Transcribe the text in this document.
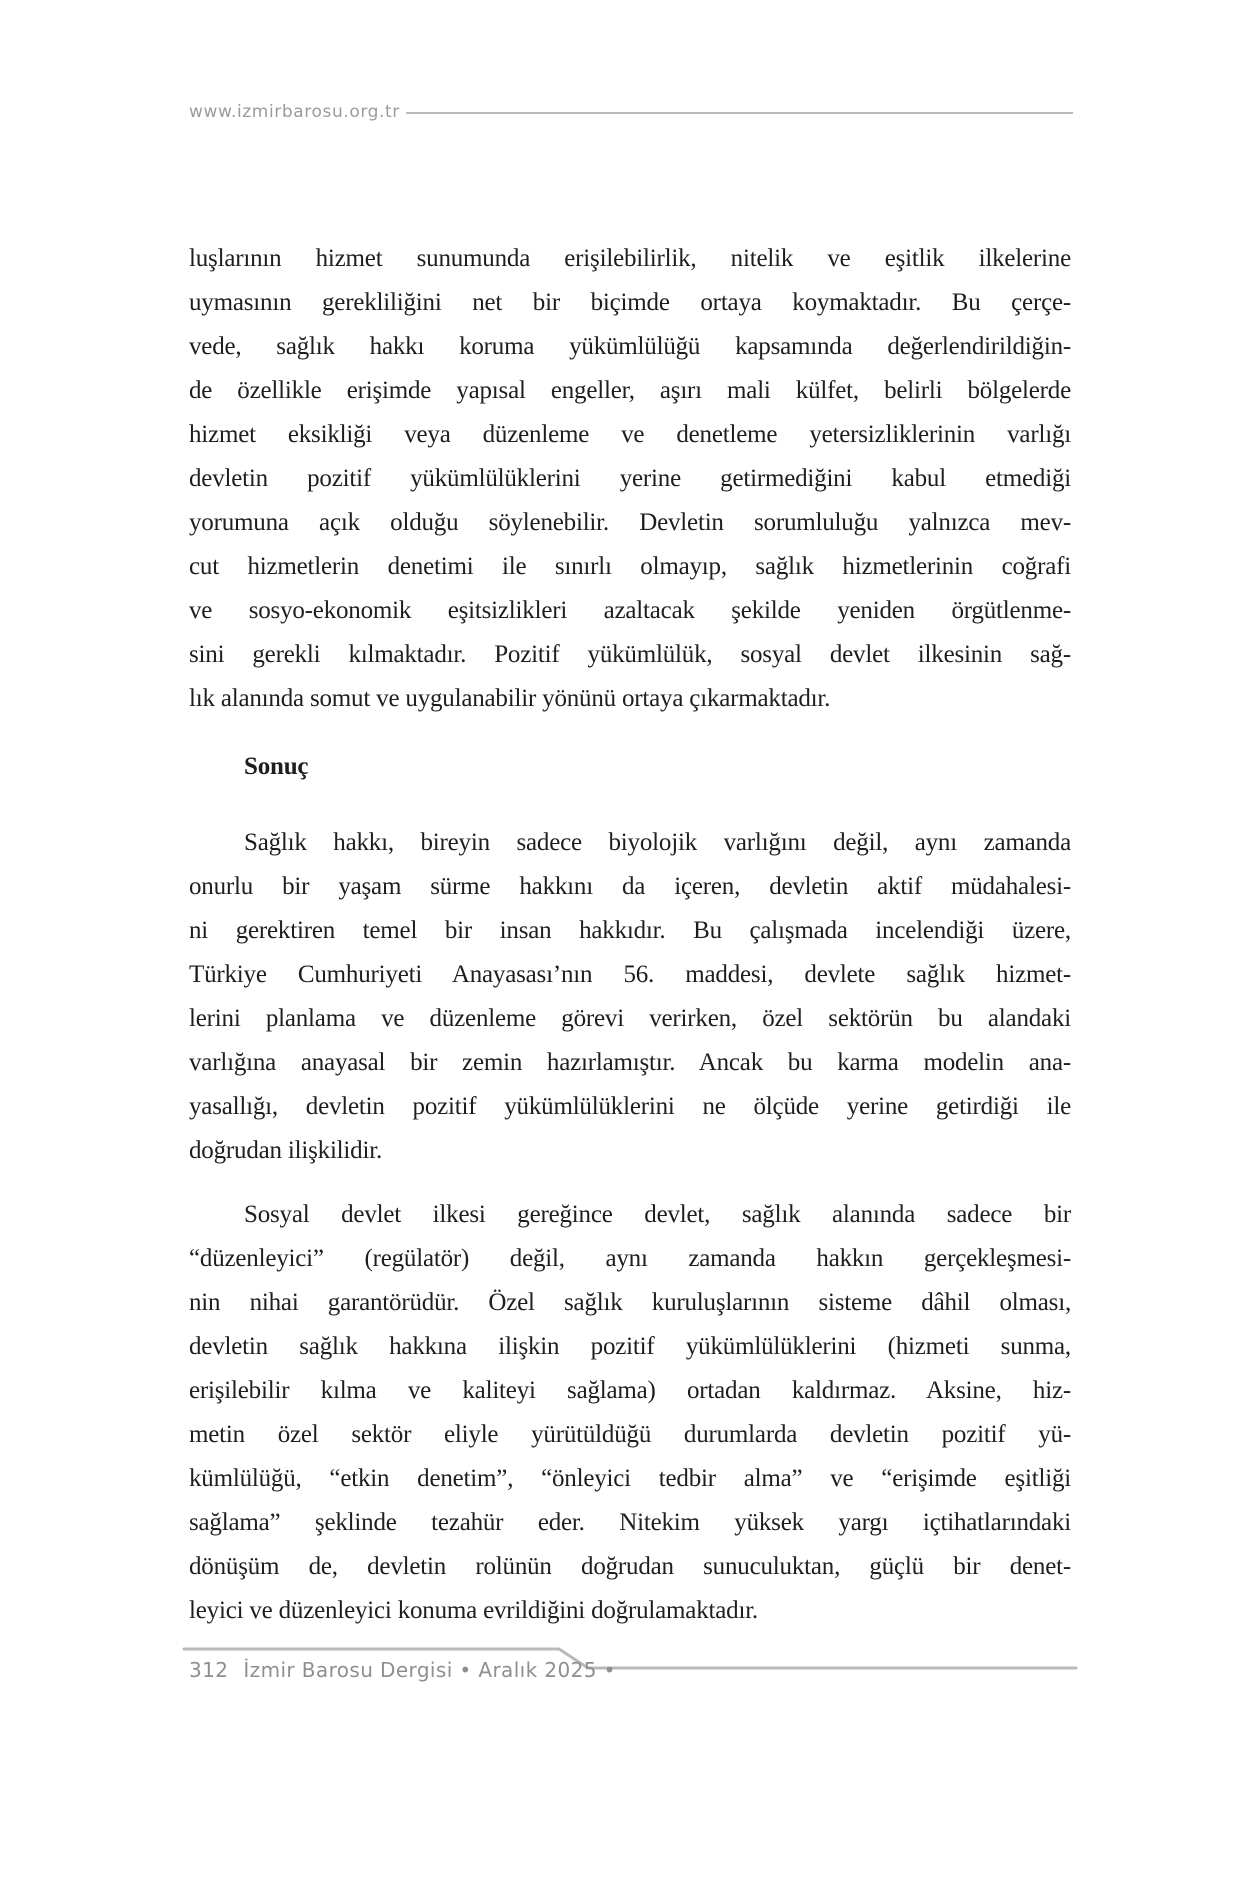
www.izmirbarosu.org.tr
luşlarının hizmet sunumunda erişilebilirlik, nitelik ve eşitlik ilkelerine
uymasının gerekliliğini net bir biçimde ortaya koymaktadır. Bu çerçe-
vede, sağlık hakkı koruma yükümlülüğü kapsamında değerlendirildiğin-
de özellikle erişimde yapısal engeller, aşırı mali külfet, belirli bölgelerde
hizmet eksikliği veya düzenleme ve denetleme yetersizliklerinin varlığı
devletin pozitif yükümlülüklerini yerine getirmediğini kabul etmediği
yorumuna açık olduğu söylenebilir. Devletin sorumluluğu yalnızca mev-
cut hizmetlerin denetimi ile sınırlı olmayıp, sağlık hizmetlerinin coğrafi
ve sosyo-ekonomik eşitsizlikleri azaltacak şekilde yeniden örgütlenme-
sini gerekli kılmaktadır. Pozitif yükümlülük, sosyal devlet ilkesinin sağ-
lık alanında somut ve uygulanabilir yönünü ortaya çıkarmaktadır.
Sonuç
Sağlık hakkı, bireyin sadece biyolojik varlığını değil, aynı zamanda
onurlu bir yaşam sürme hakkını da içeren, devletin aktif müdahalesi-
ni gerektiren temel bir insan hakkıdır. Bu çalışmada incelendiği üzere,
Türkiye Cumhuriyeti Anayasası’nın 56. maddesi, devlete sağlık hizmet-
lerini planlama ve düzenleme görevi verirken, özel sektörün bu alandaki
varlığına anayasal bir zemin hazırlamıştır. Ancak bu karma modelin ana-
yasallığı, devletin pozitif yükümlülüklerini ne ölçüde yerine getirdiği ile
doğrudan ilişkilidir.
Sosyal devlet ilkesi gereğince devlet, sağlık alanında sadece bir
“düzenleyici” (regülatör) değil, aynı zamanda hakkın gerçekleşmesi-
nin nihai garantörüdür. Özel sağlık kuruluşlarının sisteme dâhil olması,
devletin sağlık hakkına ilişkin pozitif yükümlülüklerini (hizmeti sunma,
erişilebilir kılma ve kaliteyi sağlama) ortadan kaldırmaz. Aksine, hiz-
metin özel sektör eliyle yürütüldüğü durumlarda devletin pozitif yü-
kümlülüğü, “etkin denetim”, “önleyici tedbir alma” ve “erişimde eşitliği
sağlama” şeklinde tezahür eder. Nitekim yüksek yargı içtihatlarındaki
dönüşüm de, devletin rolünün doğrudan sunuculuktan, güçlü bir denet-
leyici ve düzenleyici konuma evrildiğini doğrulamaktadır.
312 İzmir Barosu Dergisi • Aralık 2025 •
